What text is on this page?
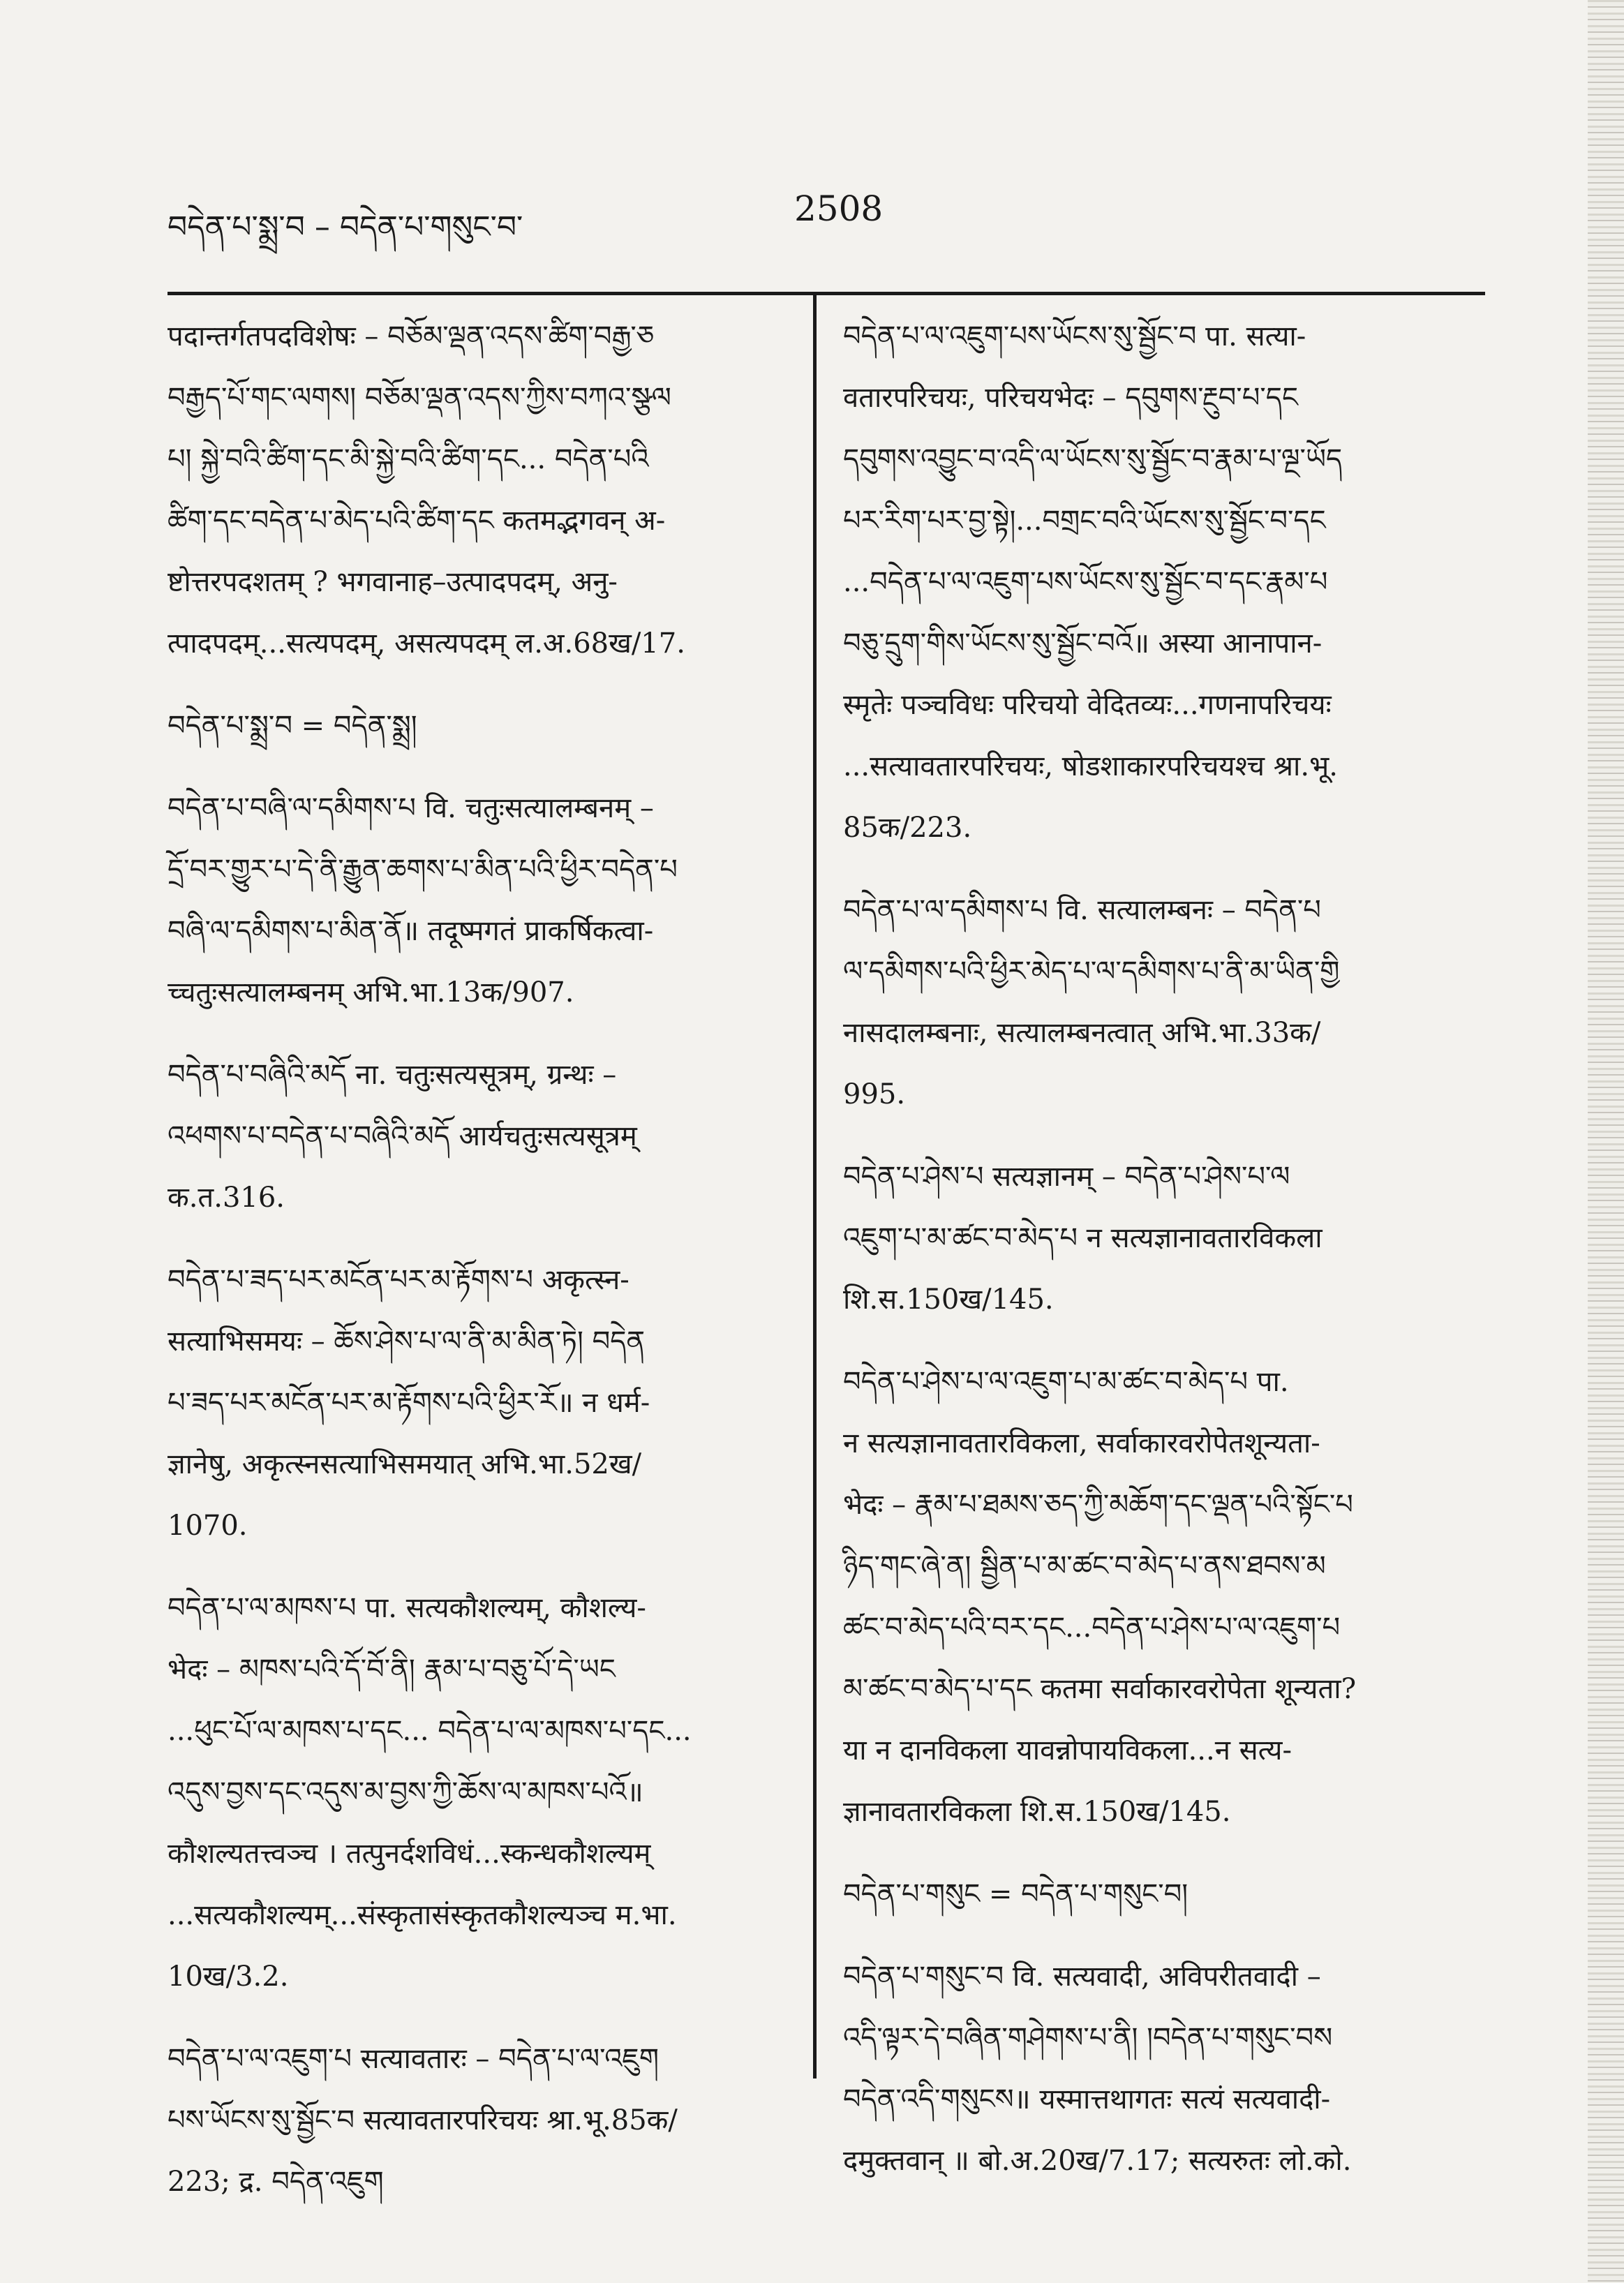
བདེན་པ་སྨྲ་བ – བདེན་པ་གསུང་བ་	2508

पदान्तर्गतपदविशेषः – བཅོམ་ལྡན་འདས་ཚིག་བརྒྱ་ཅ

བརྒྱད་པོ་གང་ལགས། བཅོམ་ལྡན་འདས་ཀྱིས་བཀའ་སྩལ

པ། སྐྱེ་བའི་ཚིག་དང་མི་སྐྱེ་བའི་ཚིག་དང... བདེན་པའི

ཚིག་དང་བདེན་པ་མེད་པའི་ཚིག་དང कतमद्भगवन् अ-

ष्टोत्तरपदशतम् ? भगवानाह–उत्पादपदम्, अनु-

त्पादपदम्...सत्यपदम्, असत्यपदम् ल.अ.68ख/17.

བདེན་པ་སྨྲ་བ = བདེན་སྨྲ།

བདེན་པ་བཞི་ལ་དམིགས་པ वि. चतुःसत्यालम्बनम् –

དྲོ་བར་གྱུར་པ་དེ་ནི་རྒྱུན་ཆགས་པ་མིན་པའི་ཕྱིར་བདེན་པ

བཞི་ལ་དམིགས་པ་མིན་ནོ॥ तदूष्मगतं प्राकर्षिकत्वा-

च्चतुःसत्यालम्बनम् अभि.भा.13क/907.

བདེན་པ་བཞིའི་མདོ ना. चतुःसत्यसूत्रम्, ग्रन्थः –

འཕགས་པ་བདེན་པ་བཞིའི་མདོ आर्यचतुःसत्यसूत्रम्

क.त.316.

བདེན་པ་ཟད་པར་མངོན་པར་མ་རྟོགས་པ अकृत्स्न-

सत्याभिसमयः – ཆོས་ཤེས་པ་ལ་ནི་མ་མིན་ཏེ། བདེན

པ་ཟད་པར་མངོན་པར་མ་རྟོགས་པའི་ཕྱིར་རོ॥ न धर्म-

ज्ञानेषु, अकृत्स्नसत्याभिसमयात् अभि.भा.52ख/

1070.

བདེན་པ་ལ་མཁས་པ पा. सत्यकौशल्यम्, कौशल्य-

भेदः – མཁས་པའི་དོ་བོ་ནི། རྣམ་པ་བཅུ་པོ་དེ་ཡང

...ཕུང་པོ་ལ་མཁས་པ་དང... བདེན་པ་ལ་མཁས་པ་དང...

འདུས་བྱས་དང་འདུས་མ་བྱས་ཀྱི་ཆོས་ལ་མཁས་པའོ॥

कौशल्यतत्त्वञ्च । तत्पुनर्दशविधं...स्कन्धकौशल्यम्

...सत्यकौशल्यम्...संस्कृतासंस्कृतकौशल्यञ्च म.भा.

10ख/3.2.

བདེན་པ་ལ་འཇུག་པ सत्यावतारः – བདེན་པ་ལ་འཇུག

པས་ཡོངས་སུ་སྦྱོང་བ सत्यावतारपरिचयः श्रा.भू.85क/

223; द्र. བདེན་འཇུག

བདེན་པ་ལ་འཇུག་པས་ཡོངས་སུ་སྦྱོང་བ पा. सत्या-

वतारपरिचयः, परिचयभेदः – དབུགས་རྔུབ་པ་དང

དབུགས་འབྱུང་བ་འདི་ལ་ཡོངས་སུ་སྦྱོང་བ་རྣམ་པ་ལྔ་ཡོད

པར་རིག་པར་བྱ་སྟེ།...བགྲང་བའི་ཡོངས་སུ་སྦྱོང་བ་དང

...བདེན་པ་ལ་འཇུག་པས་ཡོངས་སུ་སྦྱོང་བ་དང་རྣམ་པ

བཅུ་དྲུག་གིས་ཡོངས་སུ་སྦྱོང་བའོ॥ अस्या आनापान-

स्मृतेः पञ्चविधः परिचयो वेदितव्यः...गणनापरिचयः

...सत्यावतारपरिचयः, षोडशाकारपरिचयश्च श्रा.भू.

85क/223.

བདེན་པ་ལ་དམིགས་པ वि. सत्यालम्बनः – བདེན་པ

ལ་དམིགས་པའི་ཕྱིར་མེད་པ་ལ་དམིགས་པ་ནི་མ་ཡིན་གྱི

नासदालम्बनाः, सत्यालम्बनत्वात् अभि.भा.33क/

995.

བདེན་པ་ཤེས་པ सत्यज्ञानम् – བདེན་པ་ཤེས་པ་ལ

འཇུག་པ་མ་ཚང་བ་མེད་པ न सत्यज्ञानावतारविकला

शि.स.150ख/145.

བདེན་པ་ཤེས་པ་ལ་འཇུག་པ་མ་ཚང་བ་མེད་པ पा.

न सत्यज्ञानावतारविकला, सर्वाकारवरोपेतशून्यता-

भेदः – རྣམ་པ་ཐམས་ཅད་ཀྱི་མཆོག་དང་ལྡན་པའི་སྟོང་པ

ཉིད་གང་ཞེ་ན། སྦྱིན་པ་མ་ཚང་བ་མེད་པ་ནས་ཐབས་མ

ཚང་བ་མེད་པའི་བར་དང...བདེན་པ་ཤེས་པ་ལ་འཇུག་པ

མ་ཚང་བ་མེད་པ་དང कतमा सर्वाकारवरोपेता शून्यता?

या न दानविकला यावन्नोपायविकला...न सत्य-

ज्ञानावतारविकला शि.स.150ख/145.

བདེན་པ་གསུང = བདེན་པ་གསུང་བ།

བདེན་པ་གསུང་བ वि. सत्यवादी, अविपरीतवादी –

འདི་ལྟར་དེ་བཞིན་གཤེགས་པ་ནི། །བདེན་པ་གསུང་བས

བདེན་འདི་གསུངས॥ यस्मात्तथागतः सत्यं सत्यवादी-

दमुक्तवान् ॥ बो.अ.20ख/7.17; सत्यरुतः लो.को.
